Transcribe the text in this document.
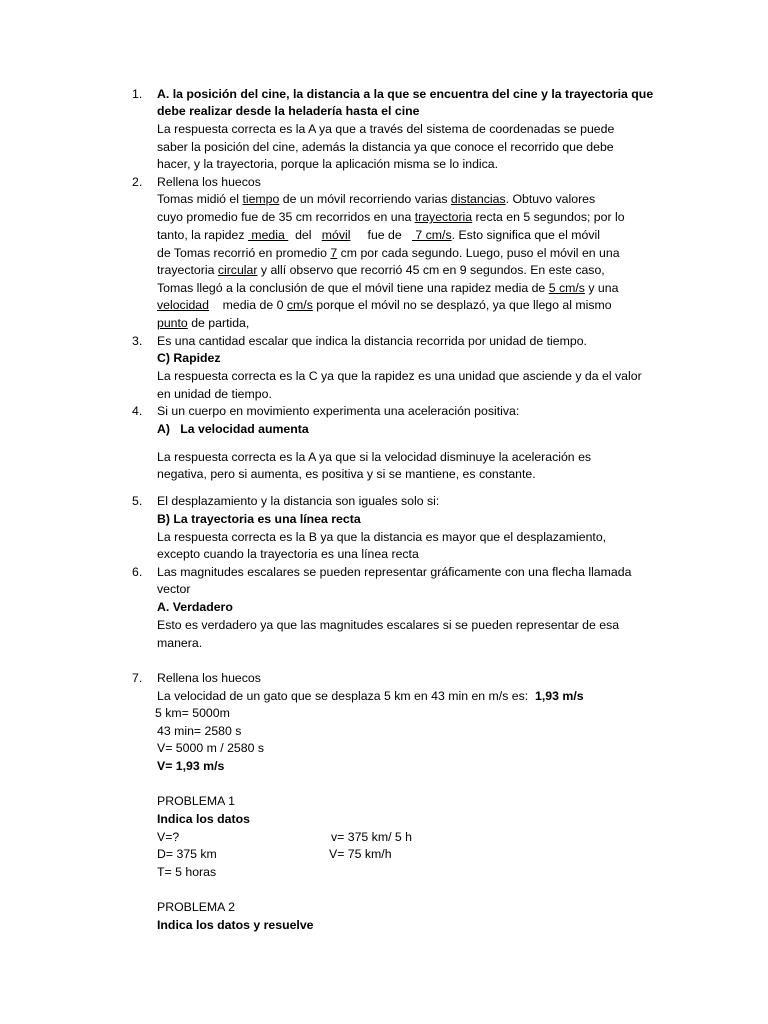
1. A. la posición del cine, la distancia a la que se encuentra del cine y la trayectoria que
debe realizar desde la heladería hasta el cine
La respuesta correcta es la A ya que a través del sistema de coordenadas se puede
saber la posición del cine, además la distancia ya que conoce el recorrido que debe
hacer, y la trayectoria, porque la aplicación misma se lo indica.
2. Rellena los huecos
Tomas midió el tiempo de un móvil recorriendo varias distancias. Obtuvo valores
cuyo promedio fue de 35 cm recorridos en una trayectoria recta en 5 segundos; por lo
tanto, la rapidez  media   del   móvil     fue de    7 cm/s. Esto significa que el móvil
de Tomas recorrió en promedio 7 cm por cada segundo. Luego, puso el móvil en una
trayectoria circular y allí observo que recorrió 45 cm en 9 segundos. En este caso,
Tomas llegó a la conclusión de que el móvil tiene una rapidez media de 5 cm/s y una
velocidad    media de 0 cm/s porque el móvil no se desplazó, ya que llego al mismo
punto de partida,
3. Es una cantidad escalar que indica la distancia recorrida por unidad de tiempo.
C) Rapidez
La respuesta correcta es la C ya que la rapidez es una unidad que asciende y da el valor
en unidad de tiempo.
4. Si un cuerpo en movimiento experimenta una aceleración positiva:
A)   La velocidad aumenta
La respuesta correcta es la A ya que si la velocidad disminuye la aceleración es
negativa, pero si aumenta, es positiva y si se mantiene, es constante.
5. El desplazamiento y la distancia son iguales solo si:
B) La trayectoria es una línea recta
La respuesta correcta es la B ya que la distancia es mayor que el desplazamiento,
excepto cuando la trayectoria es una línea recta
6. Las magnitudes escalares se pueden representar gráficamente con una flecha llamada
vector
A. Verdadero
Esto es verdadero ya que las magnitudes escalares si se pueden representar de esa
manera.
7. Rellena los huecos
La velocidad de un gato que se desplaza 5 km en 43 min en m/s es:  1,93 m/s
5 km= 5000m
43 min= 2580 s
V= 5000 m / 2580 s
V= 1,93 m/s
PROBLEMA 1
Indica los datos
V=?
D= 375 km
T= 5 horas
v= 375 km/ 5 h
V= 75 km/h
PROBLEMA 2
Indica los datos y resuelve
